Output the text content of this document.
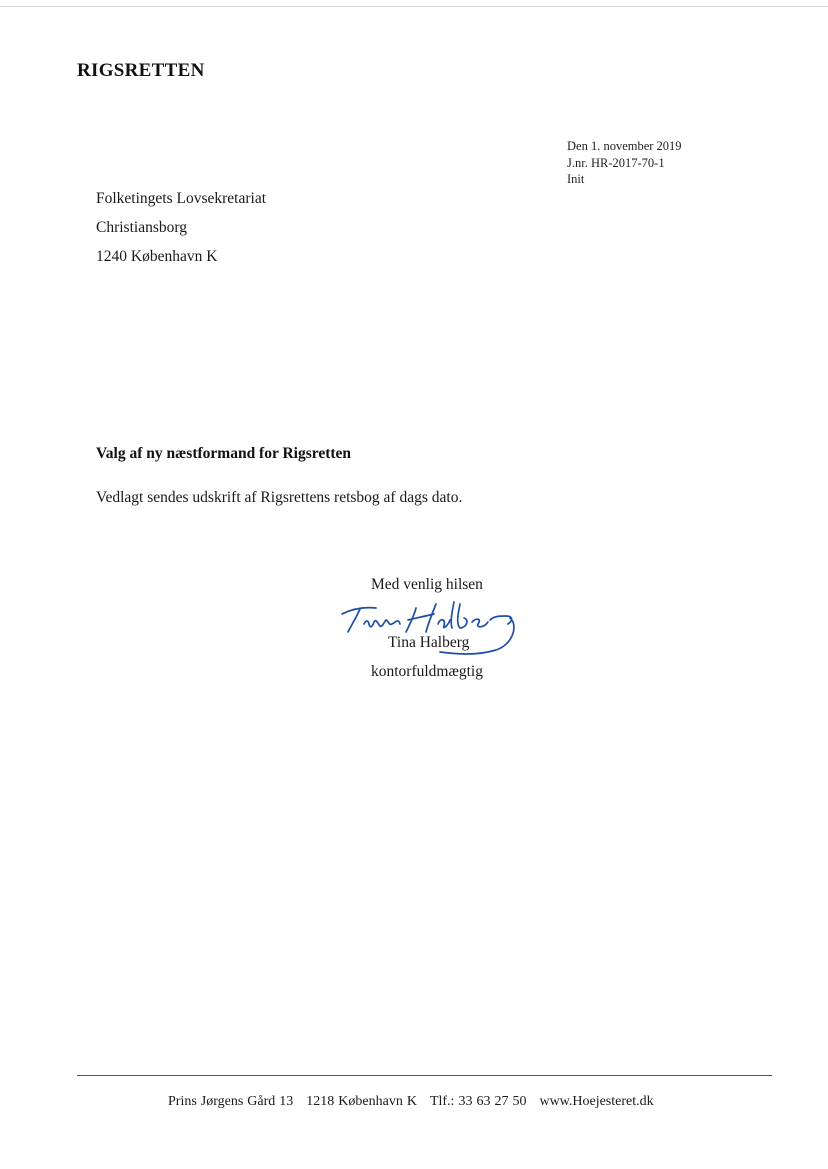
RIGSRETTEN
Den 1. november 2019
J.nr. HR-2017-70-1
Init
Folketingets Lovsekretariat
Christiansborg
1240 København K
Valg af ny næstformand for Rigsretten
Vedlagt sendes udskrift af Rigsrettens retsbog af dags dato.
Med venlig hilsen
Tina Halberg
Tina Halberg
kontorfuldmægtig
Prins Jørgens Gård 13 1218 København K Tlf.: 33 63 27 50 www.Hoejesteret.dk
